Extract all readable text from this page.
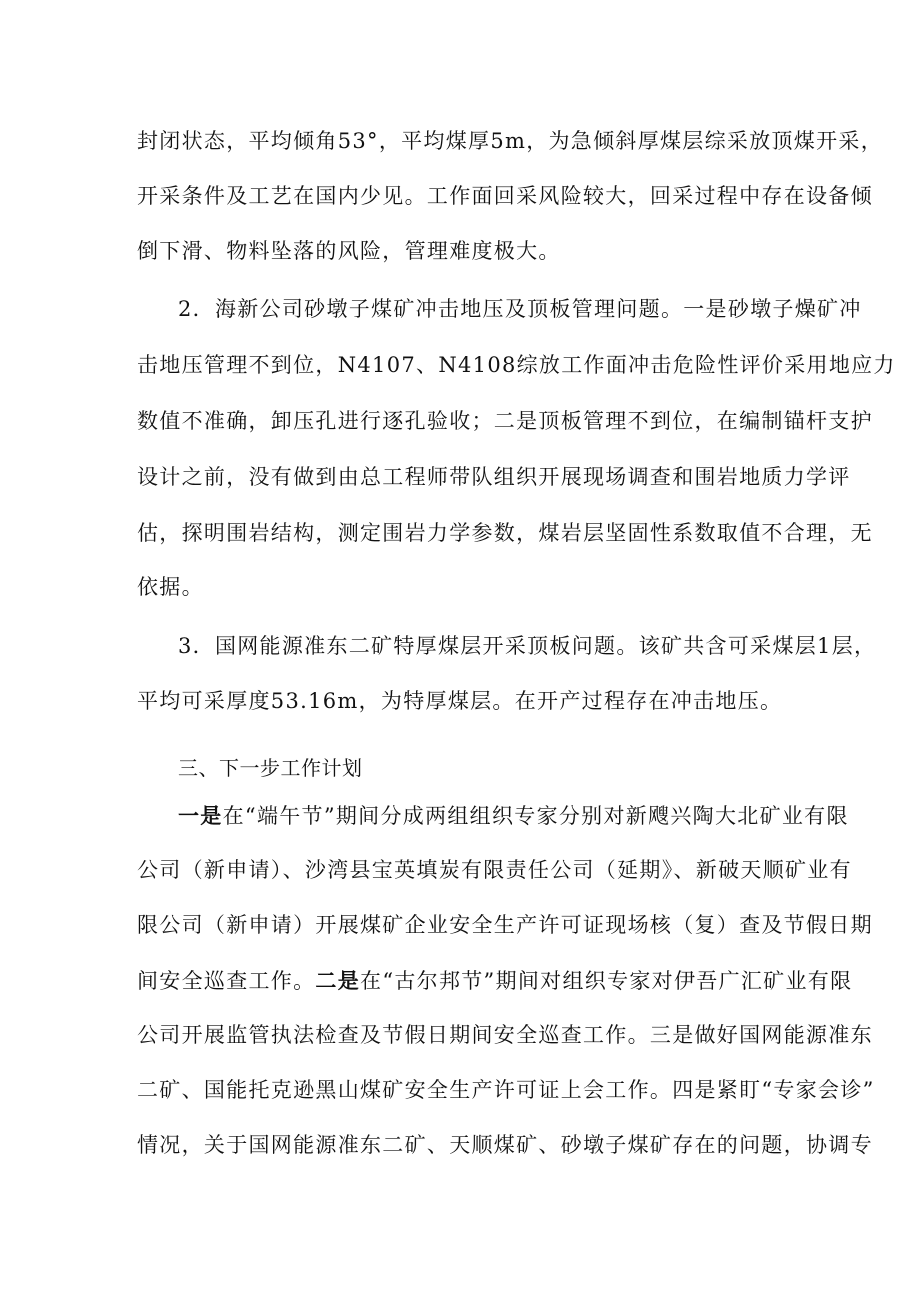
封闭状态，平均倾角53°，平均煤厚5m，为急倾斜厚煤层综采放顶煤开采，
开采条件及工艺在国内少见。工作面回采风险较大，回采过程中存在设备倾
倒下滑、物料坠落的风险，管理难度极大。
2．海新公司砂墩子煤矿冲击地压及顶板管理问题。一是砂墩子燥矿冲
击地压管理不到位，N4107、N4108综放工作面冲击危险性评价采用地应力
数值不准确，卸压孔进行逐孔验收；二是顶板管理不到位，在编制锚杆支护
设计之前，没有做到由总工程师带队组织开展现场调查和围岩地质力学评
估，探明围岩结构，测定围岩力学参数，煤岩层坚固性系数取值不合理，无
依据。
3．国网能源准东二矿特厚煤层开采顶板问题。该矿共含可采煤层1层，
平均可采厚度53.16m，为特厚煤层。在开产过程存在冲击地压。
三、下一步工作计划
一是在“端午节”期间分成两组组织专家分别对新飕兴陶大北矿业有限
公司（新申请）、沙湾县宝英填炭有限责任公司（延期》、新破天顺矿业有
限公司（新申请）开展煤矿企业安全生产许可证现场核（复）查及节假日期
间安全巡查工作。二是在“古尔邦节”期间对组织专家对伊吾广汇矿业有限
公司开展监管执法检查及节假日期间安全巡查工作。三是做好国网能源准东
二矿、国能托克逊黑山煤矿安全生产许可证上会工作。四是紧盯“专家会诊”
情况，关于国网能源准东二矿、天顺煤矿、砂墩子煤矿存在的问题，协调专
